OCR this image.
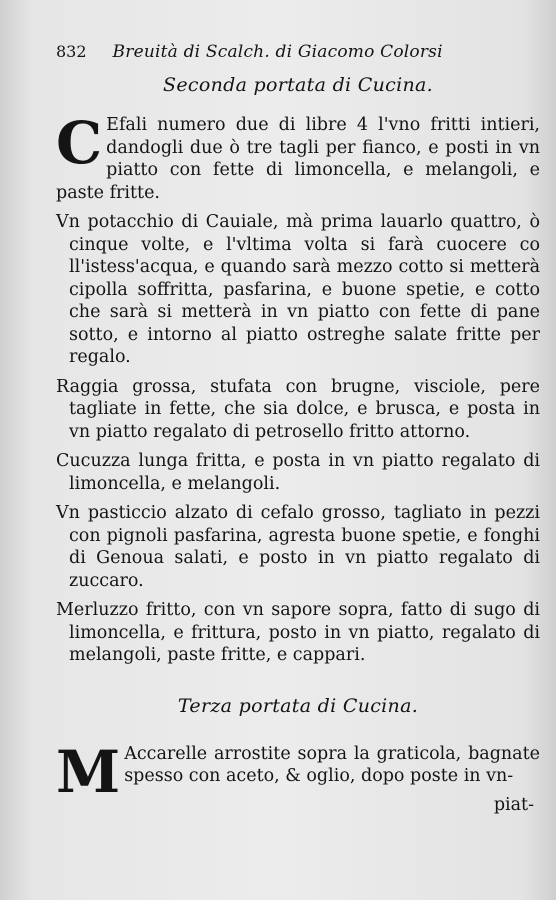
832 Breuità di Scalch. di Giacomo Colorsi
Seconda portata di Cucina.

C Efali numero due di libre 4 l'vno fritti intieri, dandogli due ò tre tagli per fianco, e posti in vn piatto con fette di limoncella, e melangoli, e paste fritte.

Vn potacchio di Cauiale, mà prima lauarlo quattro, ò cinque volte, e l'vltima volta si farà cuocere co ll'istess'acqua, e quando sarà mezzo cotto si metterà cipolla soffritta, pasfarina, e buone spetie, e cotto che sarà si metterà in vn piatto con fette di pane sotto, e intorno al piatto ostreghe salate fritte per regalo.

Raggia grossa, stufata con brugne, visciole, pere tagliate in fette, che sia dolce, e brusca, e posta in vn piatto regalato di petrosello fritto attorno.

Cucuzza lunga fritta, e posta in vn piatto regalato di limoncella, e melangoli.

Vn pasticcio alzato di cefalo grosso, tagliato in pezzi con pignoli pasfarina, agresta buone spetie, e fonghi di Genoua salati, e posto in vn piatto regalato di zuccaro.

Merluzzo fritto, con vn sapore sopra, fatto di sugo di limoncella, e frittura, posto in vn piatto, regalato di melangoli, paste fritte, e cappari.

Terza portata di Cucina.

M Accarelle arrostite sopra la graticola, bagnate spesso con aceto, & oglio, dopo poste in vn-

piat-
